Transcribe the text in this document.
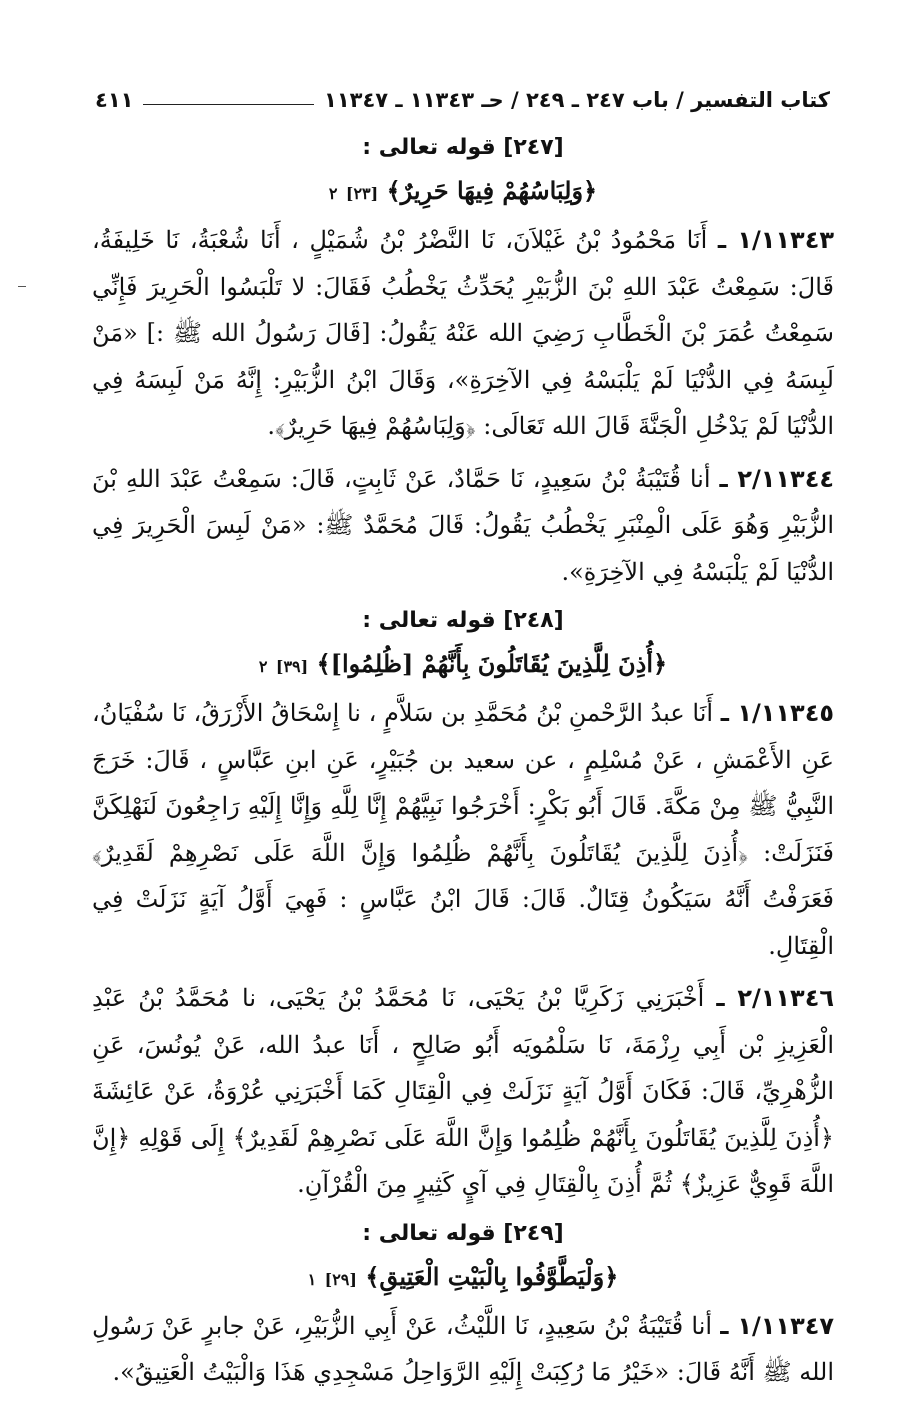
كتاب التفسير / باب ٢٤٧ ـ ٢٤٩ / حـ ١١٣٤٣ ـ ١١٣٤٧
٤١١
[٢٤٧] قوله تعالى :
﴿وَلِبَاسُهُمْ فِيهَا حَرِيرٌ﴾ [٢٣] ٢

١/١١٣٤٣ ـ أَنَا مَحْمُودُ بْنُ غَيْلاَنَ، نَا النَّضْرُ بْنُ شُمَيْلٍ ، أَنَا شُعْبَةُ، نَا خَلِيفَةُ، قَالَ: سَمِعْتُ عَبْدَ اللهِ بْنَ الزُّبَيْرِ يُحَدِّثُ يَخْطُبُ فَقَالَ: لا تَلْبَسُوا الْحَرِيرَ فَإِنِّي سَمِعْتُ عُمَرَ بْنَ الْخَطَّابِ رَضِيَ الله عَنْهُ يَقُولُ: [قَالَ رَسُولُ الله ﷺ :] «مَنْ لَبِسَهُ فِي الدُّنْيَا لَمْ يَلْبَسْهُ فِي الآخِرَةِ»، وَقَالَ ابْنُ الزُّبَيْرِ: إِنَّهُ مَنْ لَبِسَهُ فِي الدُّنْيَا لَمْ يَدْخُلِ الْجَنَّةَ قَالَ الله تَعَالَى: ﴿وَلِبَاسُهُمْ فِيهَا حَرِيرٌ﴾.

٢/١١٣٤٤ ـ أنا قُتَيْبَةُ بْنُ سَعِيدٍ، نَا حَمَّادٌ، عَنْ ثَابِتٍ، قَالَ: سَمِعْتُ عَبْدَ اللهِ بْنَ الزُّبَيْرِ وَهُوَ عَلَى الْمِنْبَرِ يَخْطُبُ يَقُولُ: قَالَ مُحَمَّدٌ ﷺ: «مَنْ لَبِسَ الْحَرِيرَ فِي الدُّنْيَا لَمْ يَلْبَسْهُ فِي الآخِرَةِ».

[٢٤٨] قوله تعالى :
﴿أُذِنَ لِلَّذِينَ يُقَاتَلُونَ بِأَنَّهُمْ [ظُلِمُوا]﴾ [٣٩] ٢

١/١١٣٤٥ ـ أَنَا عبدُ الرَّحْمنِ بْنُ مُحَمَّدِ بن سَلاَّمٍ ، نا إِسْحَاقُ الأَزْرَقُ، نَا سُفْيَانُ، عَنِ الأَعْمَشِ ، عَنْ مُسْلِمٍ ، عن سعيد بن جُبَيْرٍ، عَنِ ابنِ عَبَّاسٍ ، قَالَ: خَرَجَ النَّبِيُّ ﷺ مِنْ مَكَّةَ. قَالَ أَبُو بَكْرٍ: أَخْرَجُوا نَبِيَّهُمْ إِنَّا لِلَّهِ وَإِنَّا إِلَيْهِ رَاجِعُونَ لَنَهْلِكَنَّ فَنَزَلَتْ: ﴿أُذِنَ لِلَّذِينَ يُقَاتَلُونَ بِأَنَّهُمْ ظُلِمُوا وَإِنَّ اللَّهَ عَلَى نَصْرِهِمْ لَقَدِيرٌ﴾ فَعَرَفْتُ أَنَّهُ سَيَكُونُ قِتَالٌ. قَالَ: قَالَ ابْنُ عَبَّاسٍ : فَهِيَ أَوَّلُ آيَةٍ نَزَلَتْ فِي الْقِتَالِ.

٢/١١٣٤٦ ـ أَخْبَرَنِي زَكَرِيَّا بْنُ يَحْيَى، نَا مُحَمَّدُ بْنُ يَحْيَى، نا مُحَمَّدُ بْنُ عَبْدِ الْعَزِيزِ بْن أَبِي رِزْمَةَ، نَا سَلْمُويَه أَبُو صَالِحٍ ، أَنَا عبدُ الله، عَنْ يُونُسَ، عَنِ الزُّهْرِيِّ، قَالَ: فَكَانَ أَوَّلُ آيَةٍ نَزَلَتْ فِي الْقِتَالِ كَمَا أَخْبَرَنِي عُرْوَةُ، عَنْ عَائِشَةَ ﴿أُذِنَ لِلَّذِينَ يُقَاتَلُونَ بِأَنَّهُمْ ظُلِمُوا وَإِنَّ اللَّهَ عَلَى نَصْرِهِمْ لَقَدِيرٌ﴾ إِلَى قَوْلِهِ ﴿إِنَّ اللَّهَ قَوِيٌّ عَزِيزٌ﴾ ثُمَّ أُذِنَ بِالْقِتَالِ فِي آيٍ كَثِيرٍ مِنَ الْقُرْآنِ.

[٢٤٩] قوله تعالى :
﴿وَلْيَطَّوَّفُوا بِالْبَيْتِ الْعَتِيقِ﴾ [٢٩] ١

١/١١٣٤٧ ـ أنا قُتَيْبَةُ بْنُ سَعِيدٍ، نَا اللَّيْثُ، عَنْ أَبِي الزُّبَيْرِ، عَنْ جابرٍ عَنْ رَسُولِ الله ﷺ أَنَّهُ قَالَ: «خَيْرُ مَا رُكِبَتْ إِلَيْهِ الرَّوَاحِلُ مَسْجِدِي هَذَا وَالْبَيْتُ الْعَتِيقُ».
